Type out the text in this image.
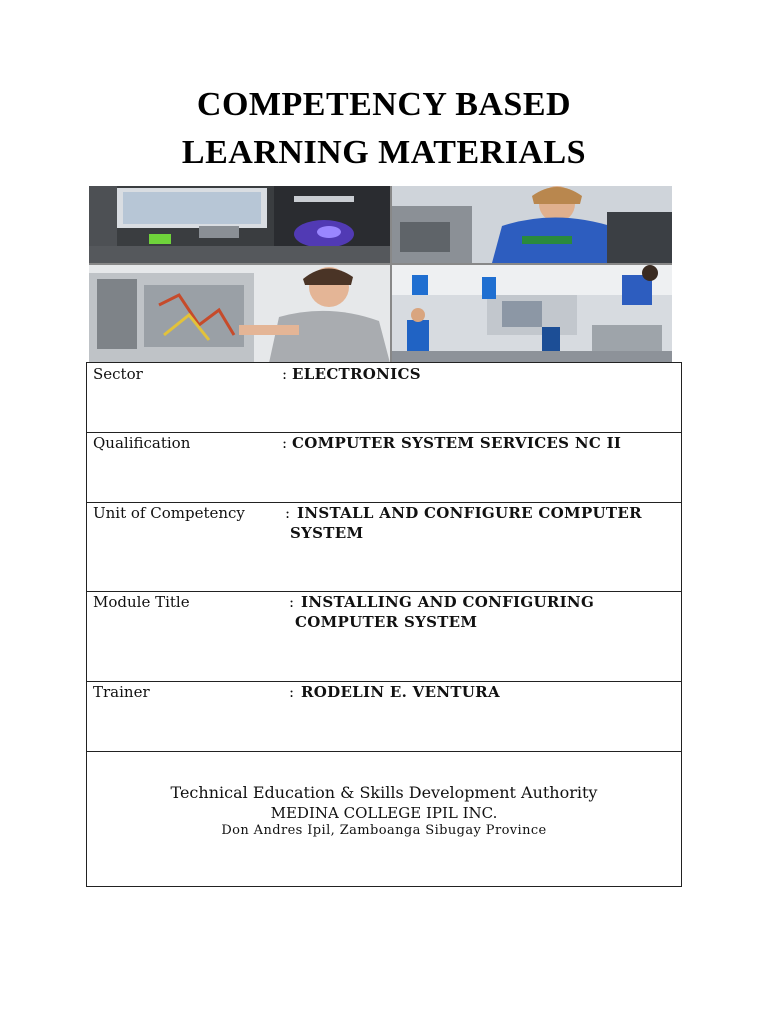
COMPETENCY BASED
LEARNING MATERIALS
Sector	: ELECTRONICS
Qualification	: COMPUTER SYSTEM SERVICES NC II
Unit of Competency	: INSTALL AND CONFIGURE COMPUTER
SYSTEM
Module Title	: INSTALLING AND CONFIGURING
COMPUTER SYSTEM
Trainer	: RODELIN E. VENTURA
Technical Education & Skills Development Authority
MEDINA COLLEGE IPIL INC.
Don Andres Ipil, Zamboanga Sibugay Province
